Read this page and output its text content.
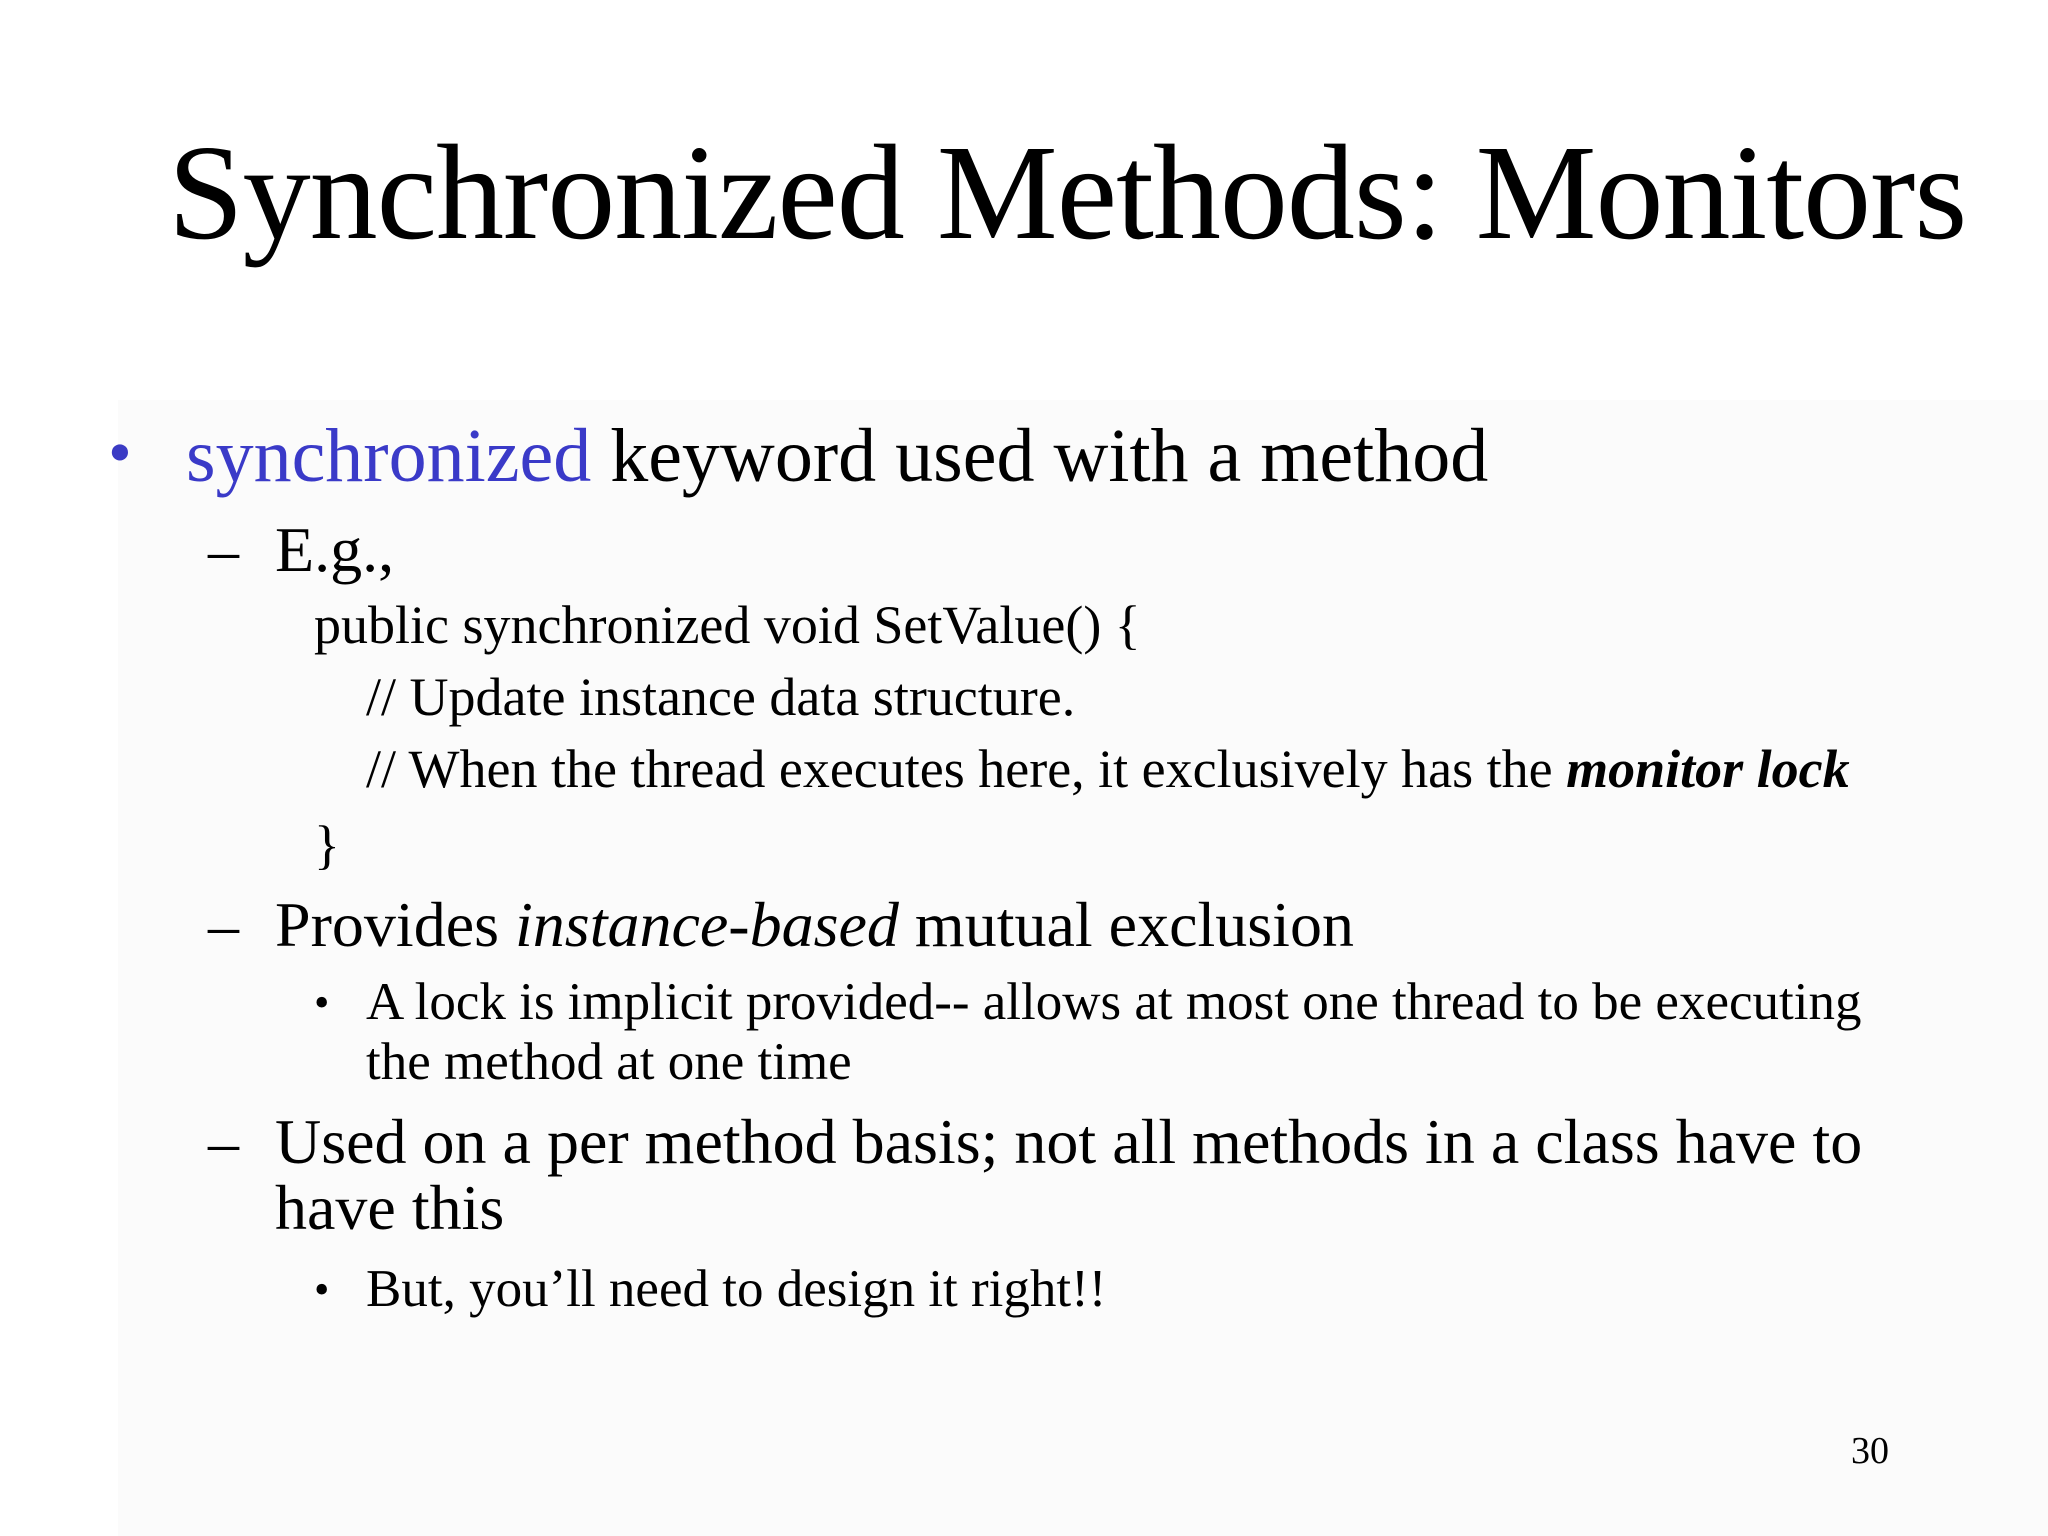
Synchronized Methods: Monitors
• synchronized keyword used with a method
– E.g.,
public synchronized void SetValue() {
// Update instance data structure.
// When the thread executes here, it exclusively has the monitor lock
}
– Provides instance-based mutual exclusion
• A lock is implicit provided-- allows at most one thread to be executing
the method at one time
– Used on a per method basis; not all methods in a class have to
have this
• But, you’ll need to design it right!!
30
